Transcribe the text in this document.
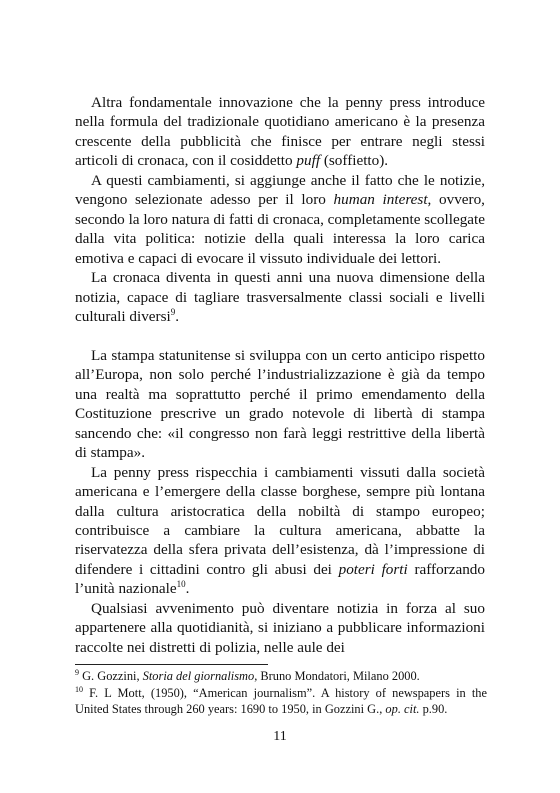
Altra fondamentale innovazione che la penny press introduce nella formula del tradizionale quotidiano americano è la presenza crescente della pubblicità che finisce per entrare negli stessi articoli di cronaca, con il cosiddetto puff (soffietto).

A questi cambiamenti, si aggiunge anche il fatto che le notizie, vengono selezionate adesso per il loro human interest, ovvero, secondo la loro natura di fatti di cronaca, completamente scollegate dalla vita politica: notizie della quali interessa la loro carica emotiva e capaci di evocare il vissuto individuale dei lettori.

La cronaca diventa in questi anni una nuova dimensione della notizia, capace di tagliare trasversalmente classi sociali e livelli culturali diversi$^9$.

La stampa statunitense si sviluppa con un certo anticipo rispetto all’Europa, non solo perché l’industrializzazione è già da tempo una realtà ma soprattutto perché il primo emendamento della Costituzione prescrive un grado notevole di libertà di stampa sancendo che: «il congresso non farà leggi restrittive della libertà di stampa».

La penny press rispecchia i cambiamenti vissuti dalla società americana e l’emergere della classe borghese, sempre più lontana dalla cultura aristocratica della nobiltà di stampo europeo; contribuisce a cambiare la cultura americana, abbatte la riservatezza della sfera privata dell’esistenza, dà l’impressione di difendere i cittadini contro gli abusi dei poteri forti rafforzando l’unità nazionale$^{10}$.

Qualsiasi avvenimento può diventare notizia in forza al suo appartenere alla quotidianità, si iniziano a pubblicare informazioni raccolte nei distretti di polizia, nelle aule dei

$^9$ G. Gozzini, Storia del giornalismo, Bruno Mondatori, Milano 2000.

$^{10}$ F. L Mott, (1950), “American journalism”. A history of newspapers in the United States through 260 years: 1690 to 1950, in Gozzini G., op. cit. p.90.

11
